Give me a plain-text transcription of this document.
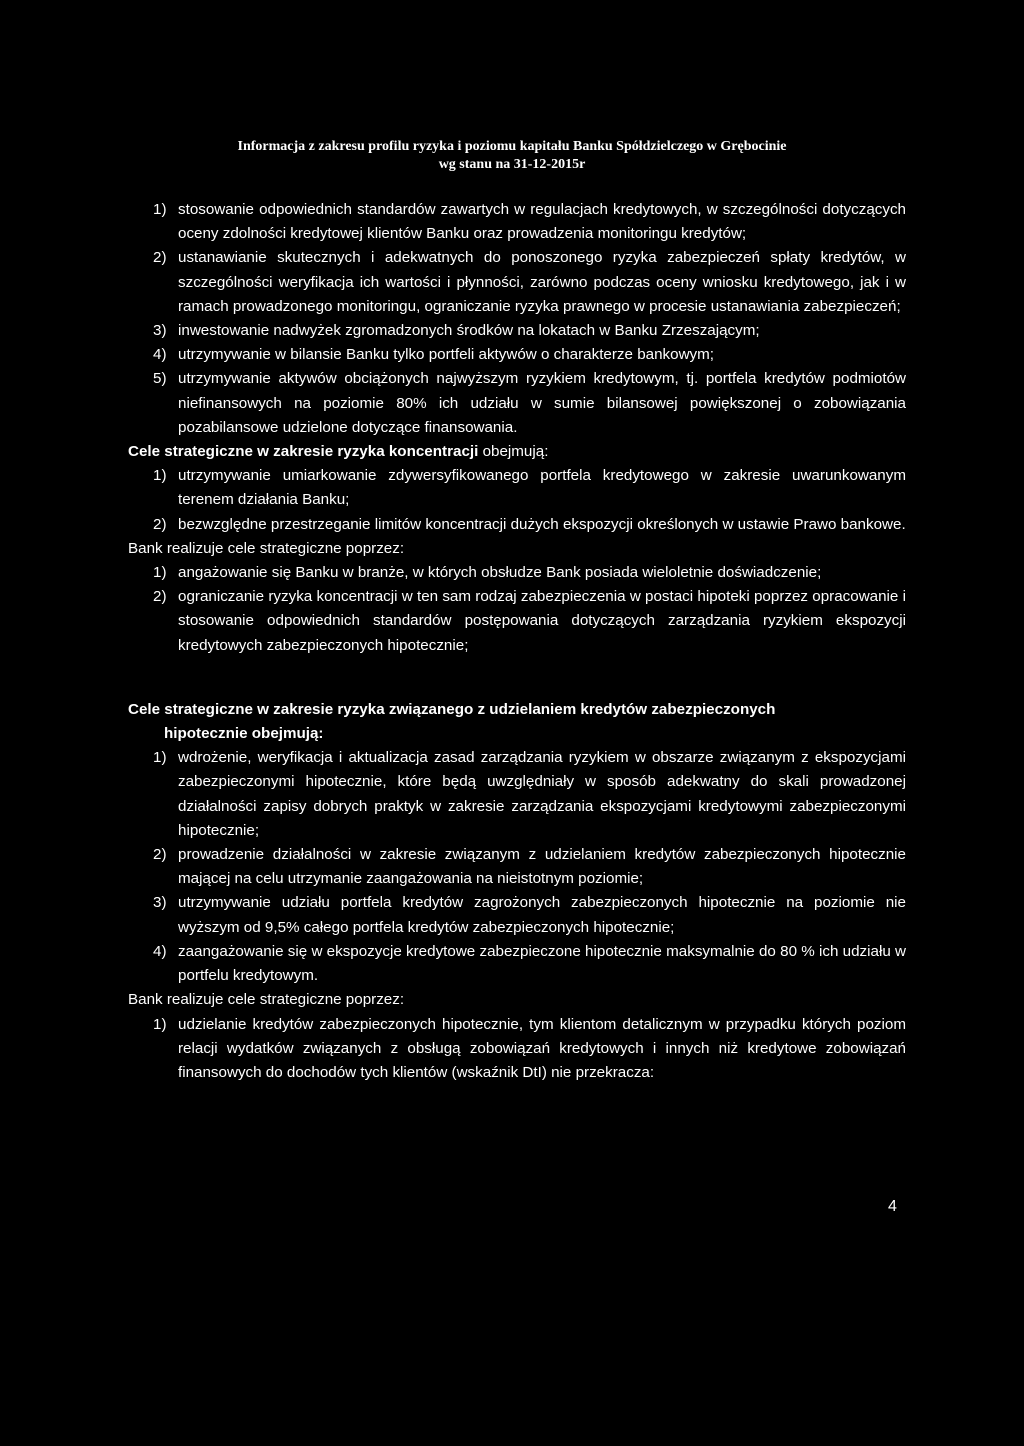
Informacja z zakresu profilu ryzyka i poziomu kapitału Banku Spółdzielczego w Grębocinie
wg stanu na 31-12-2015r
1) stosowanie odpowiednich standardów zawartych w regulacjach kredytowych, w szczególności dotyczących oceny zdolności kredytowej klientów Banku oraz prowadzenia monitoringu kredytów;
2) ustanawianie skutecznych i adekwatnych do ponoszonego ryzyka zabezpieczeń spłaty kredytów, w szczególności weryfikacja ich wartości i płynności, zarówno podczas oceny wniosku kredytowego, jak i w ramach prowadzonego monitoringu, ograniczanie ryzyka prawnego w procesie ustanawiania zabezpieczeń;
3) inwestowanie nadwyżek zgromadzonych środków na lokatach w Banku Zrzeszającym;
4) utrzymywanie w bilansie Banku tylko portfeli aktywów o charakterze bankowym;
5) utrzymywanie aktywów obciążonych najwyższym ryzykiem kredytowym, tj. portfela kredytów podmiotów niefinansowych na poziomie 80% ich udziału w sumie bilansowej powiększonej o zobowiązania pozabilansowe udzielone dotyczące finansowania.
Cele strategiczne w zakresie ryzyka koncentracji obejmują:
1) utrzymywanie umiarkowanie zdywersyfikowanego portfela kredytowego w zakresie uwarunkowanym terenem działania Banku;
2) bezwzględne przestrzeganie limitów koncentracji dużych ekspozycji określonych w ustawie Prawo bankowe.
Bank realizuje cele strategiczne poprzez:
1) angażowanie się Banku w branże, w których obsłudze Bank posiada wieloletnie doświadczenie;
2) ograniczanie ryzyka koncentracji w ten sam rodzaj zabezpieczenia w postaci hipoteki poprzez opracowanie i stosowanie odpowiednich standardów postępowania dotyczących zarządzania ryzykiem ekspozycji kredytowych zabezpieczonych hipotecznie;
Cele strategiczne w zakresie ryzyka związanego z udzielaniem kredytów zabezpieczonych
hipotecznie obejmują:
1) wdrożenie, weryfikacja i aktualizacja zasad zarządzania ryzykiem w obszarze związanym z ekspozycjami zabezpieczonymi hipotecznie, które będą uwzględniały w sposób adekwatny do skali prowadzonej działalności zapisy dobrych praktyk w zakresie zarządzania ekspozycjami kredytowymi zabezpieczonymi hipotecznie;
2) prowadzenie działalności w zakresie związanym z udzielaniem kredytów zabezpieczonych hipotecznie mającej na celu utrzymanie zaangażowania na nieistotnym poziomie;
3) utrzymywanie udziału portfela kredytów zagrożonych zabezpieczonych hipotecznie na poziomie nie wyższym od 9,5% całego portfela kredytów zabezpieczonych hipotecznie;
4) zaangażowanie się w ekspozycje kredytowe zabezpieczone hipotecznie maksymalnie do 80 % ich udziału w portfelu kredytowym.
Bank realizuje cele strategiczne poprzez:
1) udzielanie kredytów zabezpieczonych hipotecznie, tym klientom detalicznym w przypadku których poziom relacji wydatków związanych z obsługą zobowiązań kredytowych i innych niż kredytowe zobowiązań finansowych do dochodów tych klientów (wskaźnik DtI) nie przekracza:
4
